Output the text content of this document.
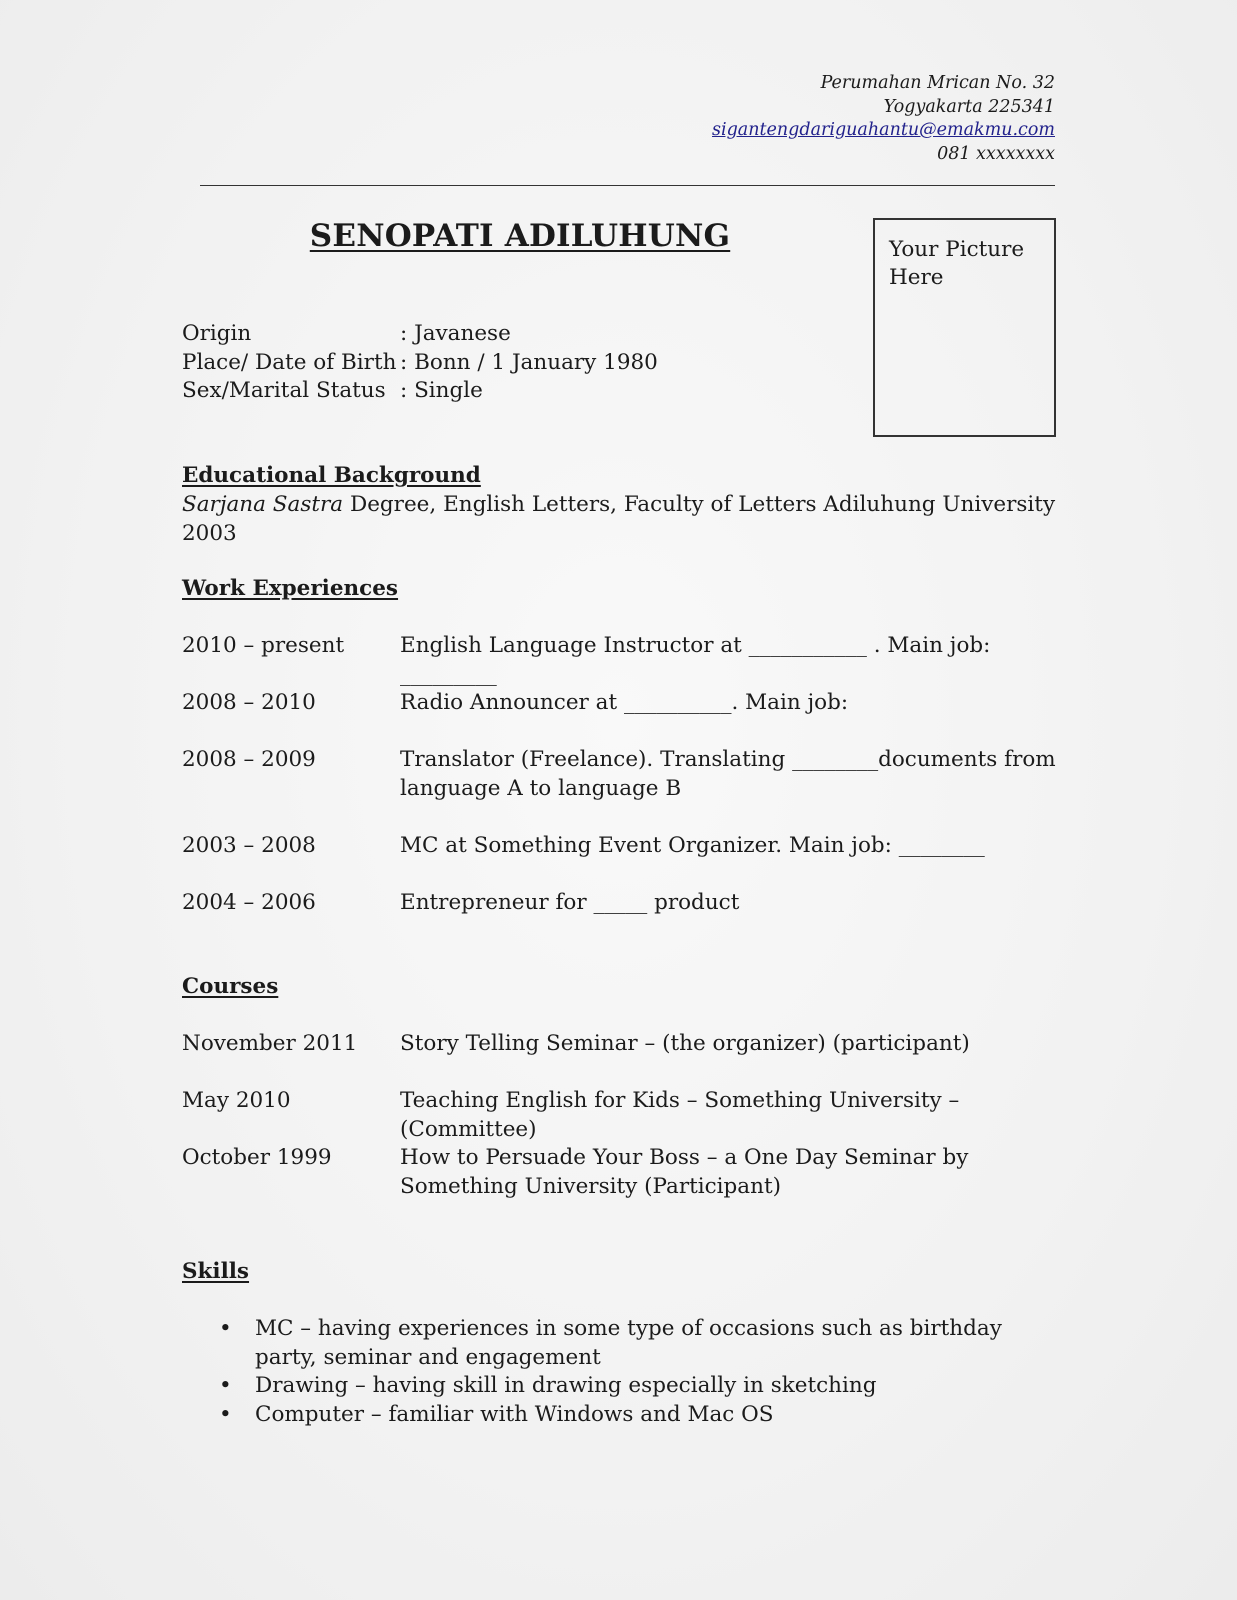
Perumahan Mrican No. 32
Yogyakarta 225341
sigantengdariguahantu@emakmu.com
081 xxxxxxxx
SENOPATI ADILUHUNG	Your Picture Here
Origin	: Javanese
Place/ Date of Birth : Bonn / 1 January 1980
Sex/Marital Status : Single
Educational Background
Sarjana Sastra Degree, English Letters, Faculty of Letters Adiluhung University 2003
Work Experiences
2010 – present	English Language Instructor at ___________ . Main job: _________
2008 – 2010	Radio Announcer at __________. Main job:
2008 – 2009	Translator (Freelance). Translating ________documents from language A to language B
2003 – 2008	MC at Something Event Organizer. Main job: ________
2004 – 2006	Entrepreneur for _____ product
Courses
November 2011	Story Telling Seminar – (the organizer) (participant)
May 2010	Teaching English for Kids – Something University – (Committee)
October 1999	How to Persuade Your Boss – a One Day Seminar by Something University (Participant)
Skills
•	MC – having experiences in some type of occasions such as birthday party, seminar and engagement
•	Drawing – having skill in drawing especially in sketching
•	Computer – familiar with Windows and Mac OS
